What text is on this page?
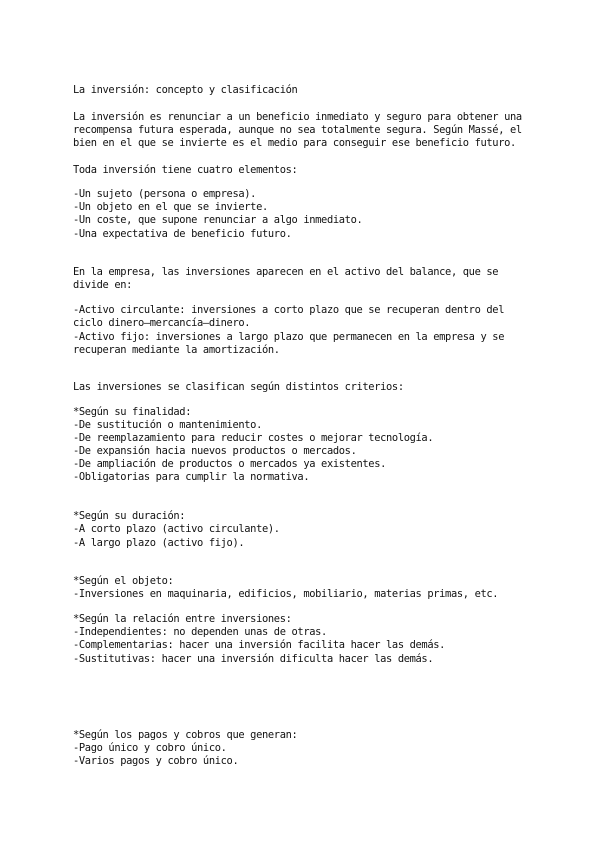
La inversión: concepto y clasificación
La inversión es renunciar a un beneficio inmediato y seguro para obtener una
recompensa futura esperada, aunque no sea totalmente segura. Según Massé, el
bien en el que se invierte es el medio para conseguir ese beneficio futuro.
Toda inversión tiene cuatro elementos:
-Un sujeto (persona o empresa).
-Un objeto en el que se invierte.
-Un coste, que supone renunciar a algo inmediato.
-Una expectativa de beneficio futuro.
En la empresa, las inversiones aparecen en el activo del balance, que se
divide en:
-Activo circulante: inversiones a corto plazo que se recuperan dentro del
ciclo dinero–mercancía–dinero.
-Activo fijo: inversiones a largo plazo que permanecen en la empresa y se
recuperan mediante la amortización.
Las inversiones se clasifican según distintos criterios:
*Según su finalidad:
-De sustitución o mantenimiento.
-De reemplazamiento para reducir costes o mejorar tecnología.
-De expansión hacia nuevos productos o mercados.
-De ampliación de productos o mercados ya existentes.
-Obligatorias para cumplir la normativa.
*Según su duración:
-A corto plazo (activo circulante).
-A largo plazo (activo fijo).
*Según el objeto:
-Inversiones en maquinaria, edificios, mobiliario, materias primas, etc.
*Según la relación entre inversiones:
-Independientes: no dependen unas de otras.
-Complementarias: hacer una inversión facilita hacer las demás.
-Sustitutivas: hacer una inversión dificulta hacer las demás.
*Según los pagos y cobros que generan:
-Pago único y cobro único.
-Varios pagos y cobro único.
